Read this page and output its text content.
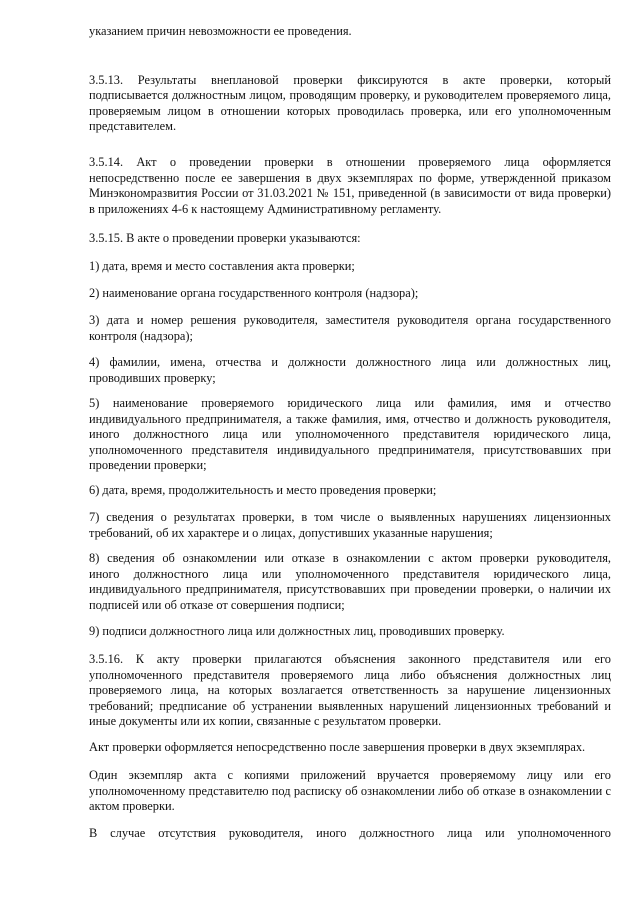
указанием причин невозможности ее проведения.

3.5.13. Результаты внеплановой проверки фиксируются в акте проверки, который
подписывается должностным лицом, проводящим проверку, и руководителем проверяемого лица, проверяемым лицом в отношении которых проводилась проверка, или его уполномоченным представителем.

3.5.14. Акт о проведении проверки в отношении проверяемого лица оформляется
непосредственно после ее завершения в двух экземплярах по форме, утвержденной приказом Минэкономразвития России от 31.03.2021 № 151, приведенной (в зависимости от вида проверки) в приложениях 4-6 к настоящему Административному регламенту.

3.5.15. В акте о проведении проверки указываются:

1) дата, время и место составления акта проверки;

2) наименование органа государственного контроля (надзора);

3) дата и номер решения руководителя, заместителя руководителя органа государственного
контроля (надзора);

4) фамилии, имена, отчества и должности должностного лица или должностных лиц,
проводивших проверку;

5) наименование проверяемого юридического лица или фамилия, имя и отчество
индивидуального предпринимателя, а также фамилия, имя, отчество и должность руководителя, иного должностного лица или уполномоченного представителя юридического лица, уполномоченного представителя индивидуального предпринимателя, присутствовавших при проведении проверки;

6) дата, время, продолжительность и место проведения проверки;

7) сведения о результатах проверки, в том числе о выявленных нарушениях лицензионных
требований, об их характере и о лицах, допустивших указанные нарушения;

8) сведения об ознакомлении или отказе в ознакомлении с актом проверки руководителя,
иного должностного лица или уполномоченного представителя юридического лица, индивидуального предпринимателя, присутствовавших при проведении проверки, о наличии их подписей или об отказе от совершения подписи;

9) подписи должностного лица или должностных лиц, проводивших проверку.

3.5.16. К акту проверки прилагаются объяснения законного представителя или его
уполномоченного представителя проверяемого лица либо объяснения должностных лиц проверяемого лица, на которых возлагается ответственность за нарушение лицензионных требований; предписание об устранении выявленных нарушений лицензионных требований и иные документы или их копии, связанные с результатом проверки.

Акт проверки оформляется непосредственно после завершения проверки в двух экземплярах.

Один экземпляр акта с копиями приложений вручается проверяемому лицу или его
уполномоченному представителю под расписку об ознакомлении либо об отказе в ознакомлении с актом проверки.

В случае отсутствия руководителя, иного должностного лица или уполномоченного
